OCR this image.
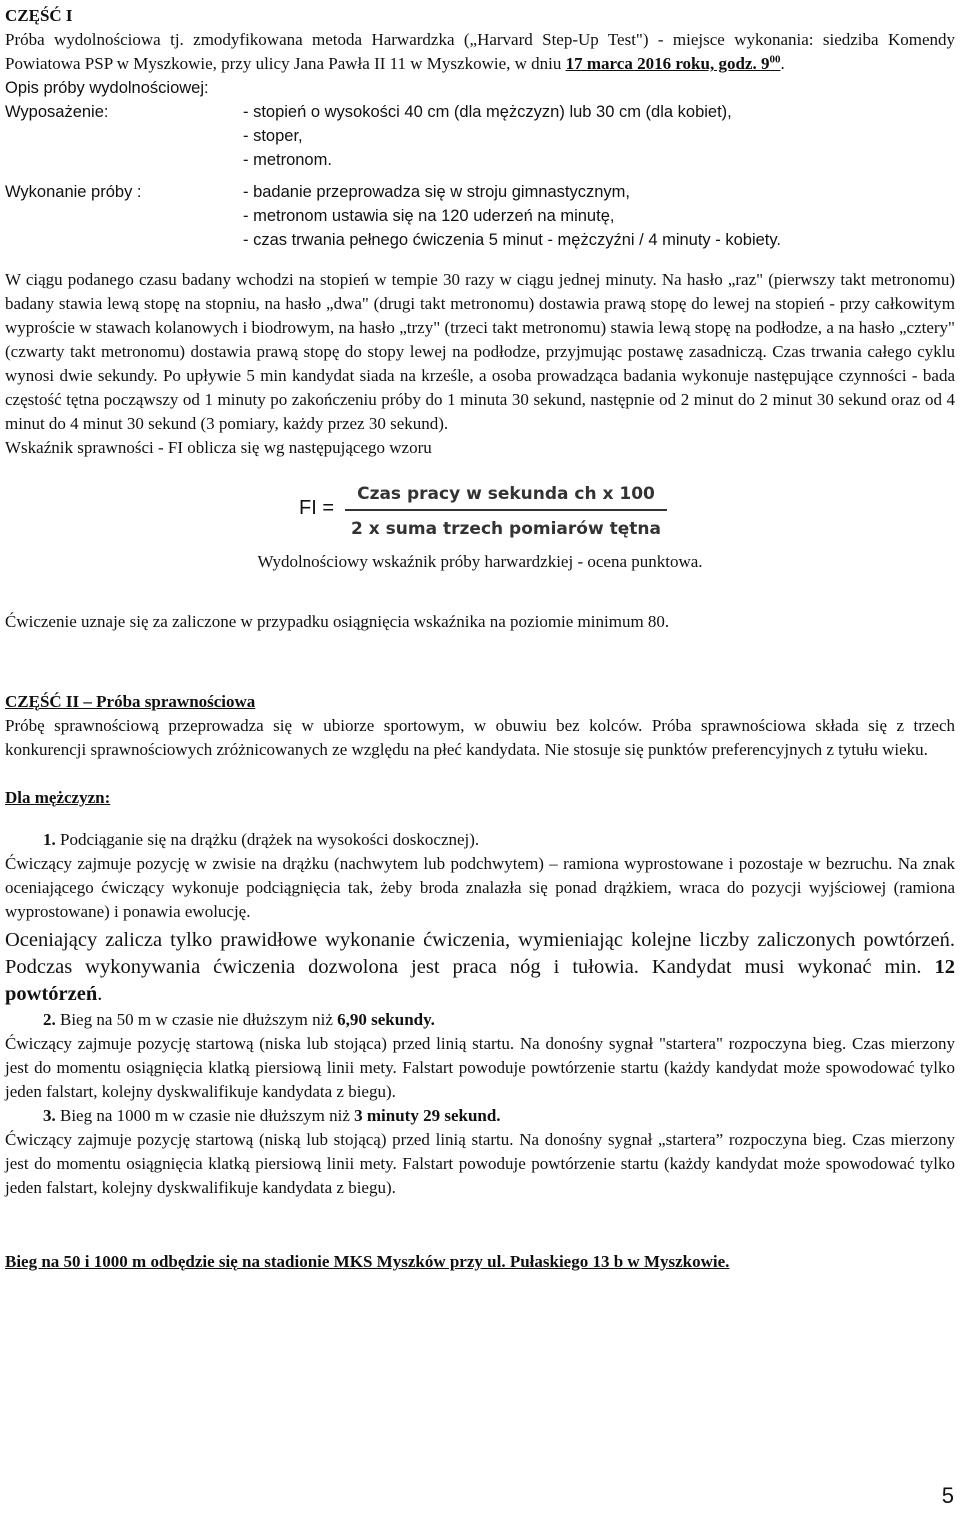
CZĘŚĆ I

Próba wydolnościowa tj. zmodyfikowana metoda Harwardzka („Harvard Step-Up Test") - miejsce wykonania: siedziba Komendy Powiatowa PSP w Myszkowie, przy ulicy Jana Pawła II 11 w Myszkowie, w dniu 17 marca 2016 roku, godz. $9^{00}$.

Opis próby wydolnościowej:

Wyposażenie:	- stopień o wysokości 40 cm (dla mężczyzn) lub 30 cm (dla kobiet),
- stoper,
- metronom.
Wykonanie próby :	- badanie przeprowadza się w stroju gimnastycznym,
- metronom ustawia się na 120 uderzeń na minutę,
- czas trwania pełnego ćwiczenia 5 minut - mężczyźni / 4 minuty - kobiety.

W ciągu podanego czasu badany wchodzi na stopień w tempie 30 razy w ciągu jednej minuty. Na hasło „raz" (pierwszy takt metronomu) badany stawia lewą stopę na stopniu, na hasło „dwa" (drugi takt metronomu) dostawia prawą stopę do lewej na stopień - przy całkowitym wyproście w stawach kolanowych i biodrowym, na hasło „trzy" (trzeci takt metronomu) stawia lewą stopę na podłodze, a na hasło „cztery" (czwarty takt metronomu) dostawia prawą stopę do stopy lewej na podłodze, przyjmując postawę zasadniczą. Czas trwania całego cyklu wynosi dwie sekundy. Po upływie 5 min kandydat siada na krześle, a osoba prowadząca badania wykonuje następujące czynności - bada częstość tętna począwszy od 1 minuty po zakończeniu próby do 1 minuta 30 sekund, następnie od 2 minut do 2 minut 30 sekund oraz od 4 minut do 4 minut 30 sekund (3 pomiary, każdy przez 30 sekund).

Wskaźnik sprawności - FI oblicza się wg następującego wzoru

FI =
Czas pracy w sekunda ch x 100
2 x suma trzech pomiarów tętna

Wydolnościowy wskaźnik próby harwardzkiej - ocena punktowa.

Ćwiczenie uznaje się za zaliczone w przypadku osiągnięcia wskaźnika na poziomie minimum 80.

CZĘŚĆ II – Próba sprawnościowa

Próbę sprawnościową przeprowadza się w ubiorze sportowym, w obuwiu bez kolców. Próba sprawnościowa składa się z trzech konkurencji sprawnościowych zróżnicowanych ze względu na płeć kandydata. Nie stosuje się punktów preferencyjnych z tytułu wieku.

Dla mężczyzn:

1. Podciąganie się na drążku (drążek na wysokości doskocznej).

Ćwiczący zajmuje pozycję w zwisie na drążku (nachwytem lub podchwytem) – ramiona wyprostowane i pozostaje w bezruchu. Na znak oceniającego ćwiczący wykonuje podciągnięcia tak, żeby broda znalazła się ponad drążkiem, wraca do pozycji wyjściowej (ramiona wyprostowane) i ponawia ewolucję.

Oceniający zalicza tylko prawidłowe wykonanie ćwiczenia, wymieniając kolejne liczby zaliczonych powtórzeń. Podczas wykonywania ćwiczenia dozwolona jest praca nóg i tułowia. Kandydat musi wykonać min. 12 powtórzeń.

2. Bieg na 50 m w czasie nie dłuższym niż 6,90 sekundy.

Ćwiczący zajmuje pozycję startową (niska lub stojąca) przed linią startu. Na donośny sygnał "startera" rozpoczyna bieg. Czas mierzony jest do momentu osiągnięcia klatką piersiową linii mety. Falstart powoduje powtórzenie startu (każdy kandydat może spowodować tylko jeden falstart, kolejny dyskwalifikuje kandydata z biegu).

3. Bieg na 1000 m w czasie nie dłuższym niż 3 minuty 29 sekund.

Ćwiczący zajmuje pozycję startową (niską lub stojącą) przed linią startu. Na donośny sygnał „startera” rozpoczyna bieg. Czas mierzony jest do momentu osiągnięcia klatką piersiową linii mety. Falstart powoduje powtórzenie startu (każdy kandydat może spowodować tylko jeden falstart, kolejny dyskwalifikuje kandydata z biegu).

Bieg na 50 i 1000 m odbędzie się na stadionie MKS Myszków przy ul. Pułaskiego 13 b w Myszkowie.

5
